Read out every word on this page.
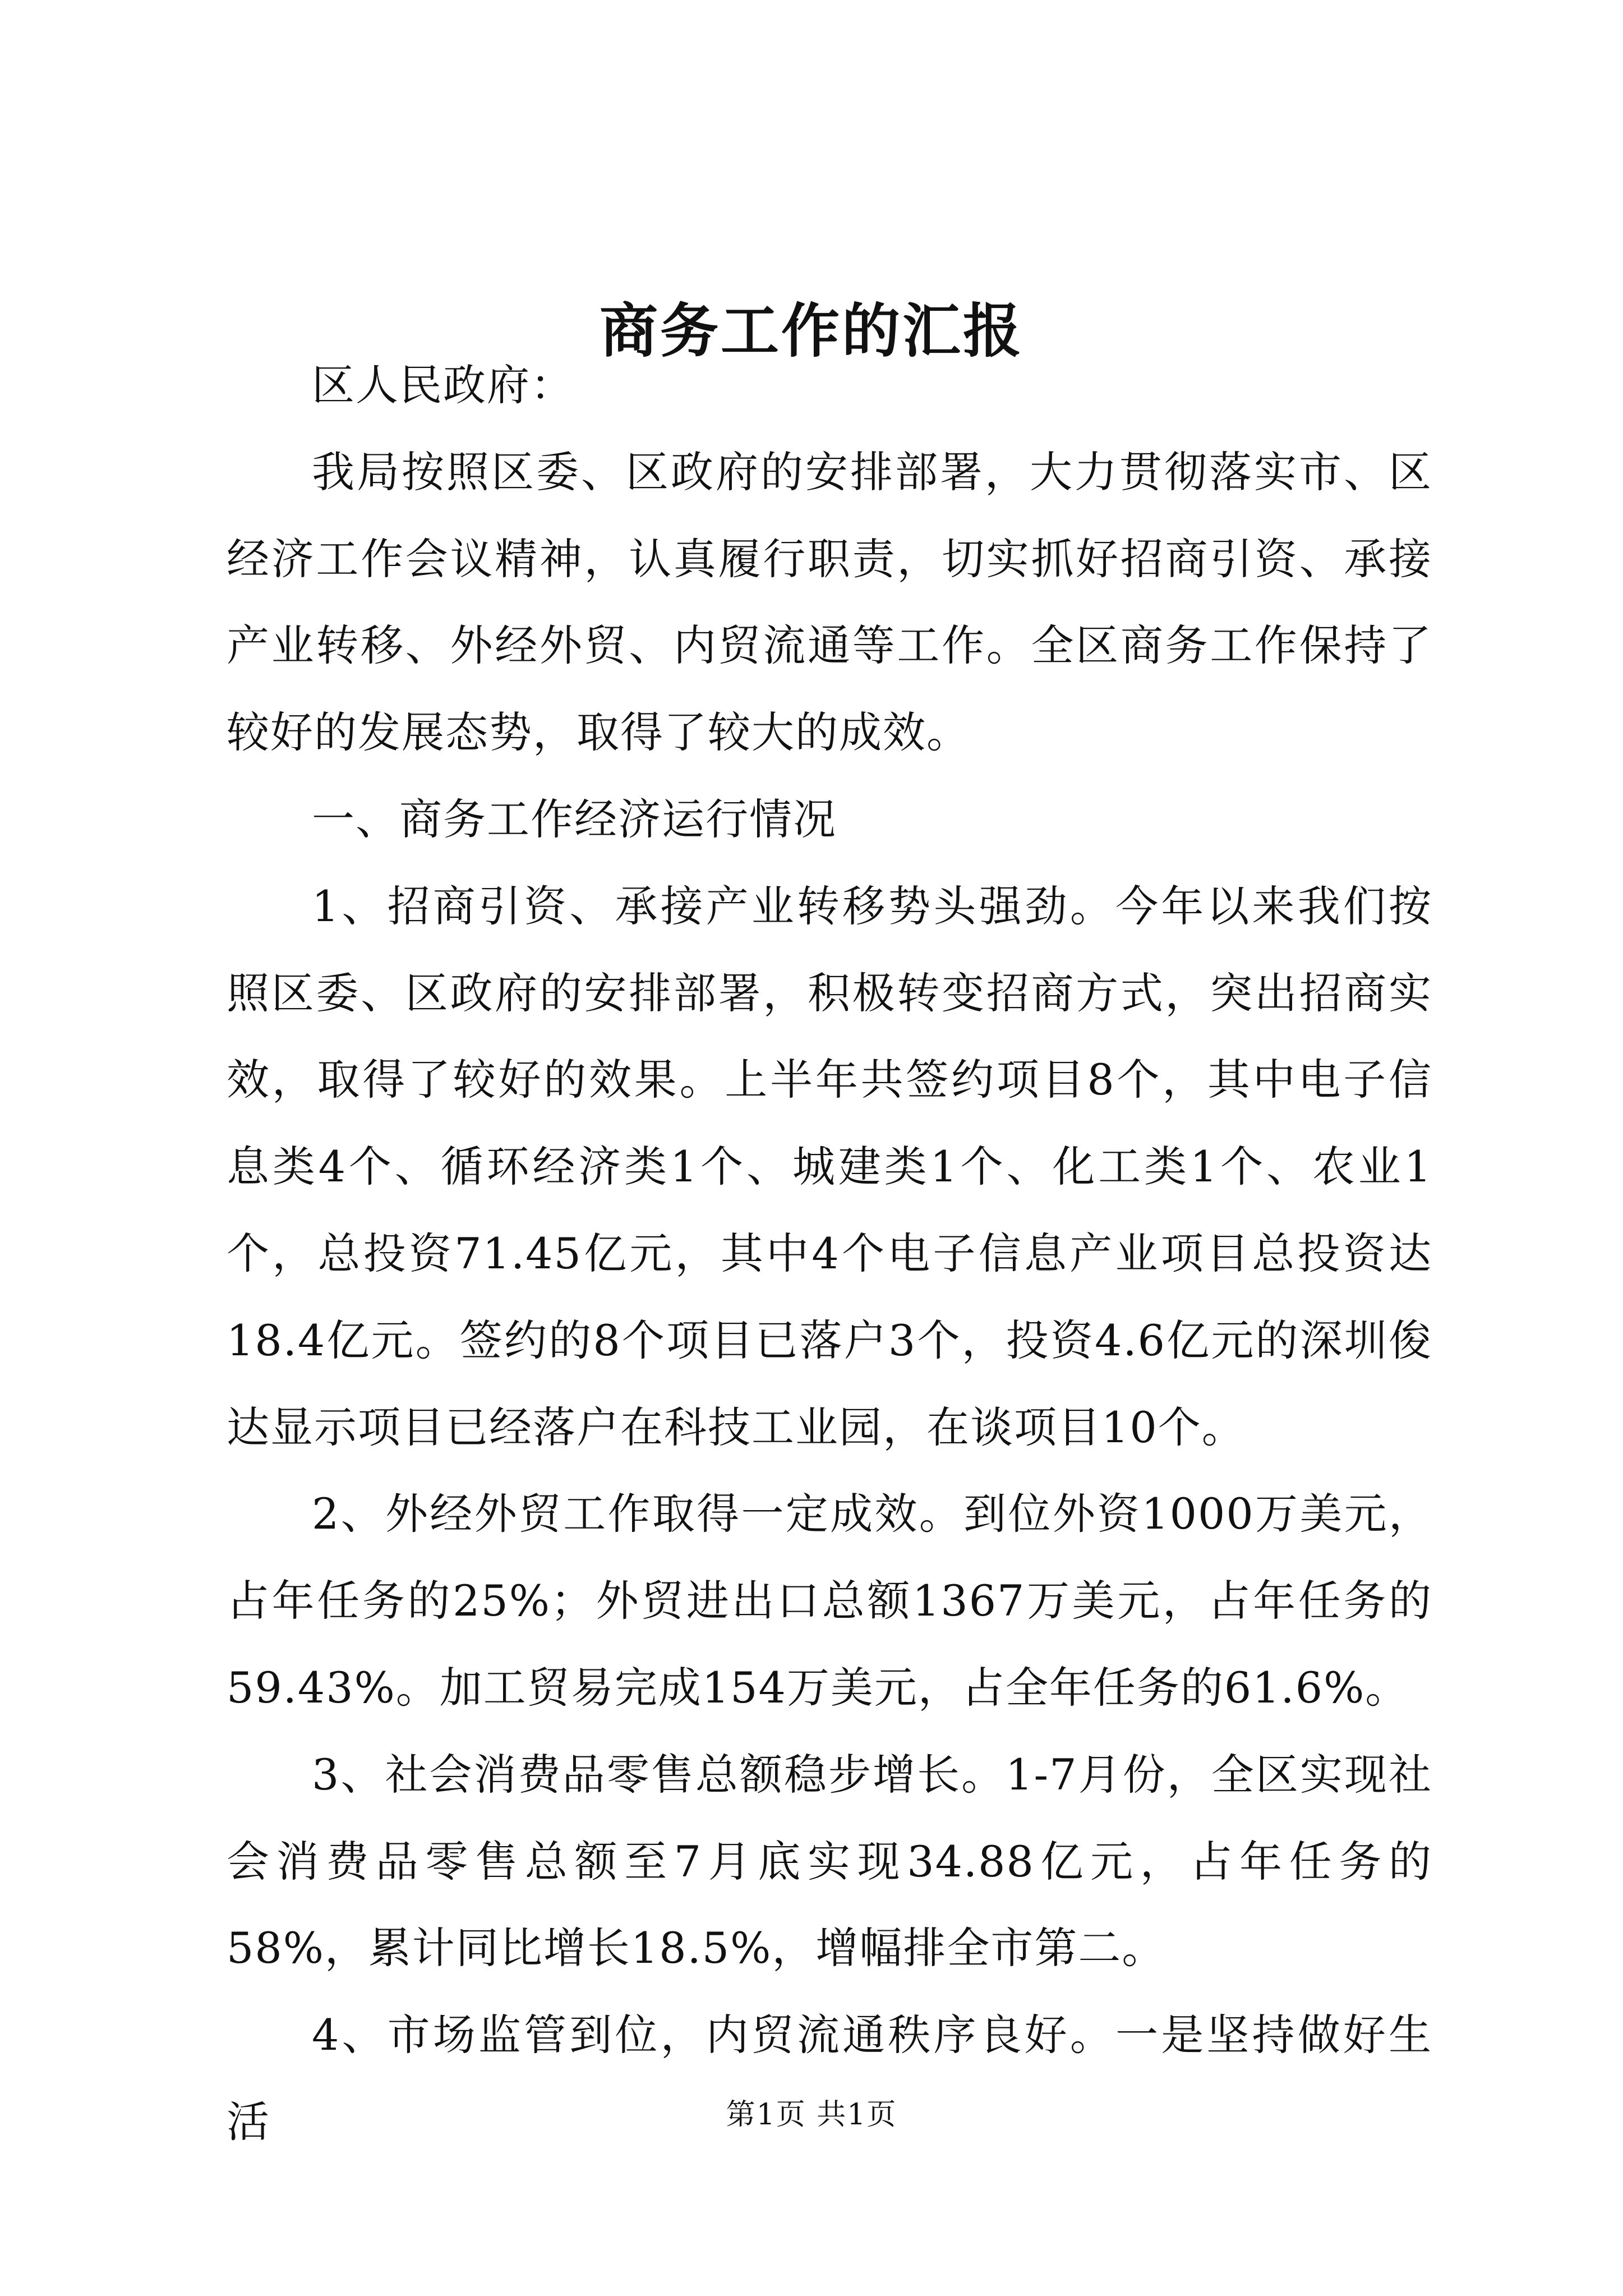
商务工作的汇报

区人民政府：

我局按照区委、区政府的安排部署，大力贯彻落实市、区经济工作会议精神，认真履行职责，切实抓好招商引资、承接产业转移、外经外贸、内贸流通等工作。全区商务工作保持了较好的发展态势，取得了较大的成效。

一、商务工作经济运行情况

1、招商引资、承接产业转移势头强劲。今年以来我们按照区委、区政府的安排部署，积极转变招商方式，突出招商实效，取得了较好的效果。上半年共签约项目8个，其中电子信息类4个、循环经济类1个、城建类1个、化工类1个、农业1个，总投资71.45亿元，其中4个电子信息产业项目总投资达18.4亿元。签约的8个项目已落户3个，投资4.6亿元的深圳俊达显示项目已经落户在科技工业园，在谈项目10个。

2、外经外贸工作取得一定成效。到位外资1000万美元，占年任务的25%；外贸进出口总额1367万美元，占年任务的59.43%。加工贸易完成154万美元，占全年任务的61.6%。

3、社会消费品零售总额稳步增长。1-7月份，全区实现社会消费品零售总额至7月底实现34.88亿元，占年任务的58%，累计同比增长18.5%，增幅排全市第二。

4、市场监管到位，内贸流通秩序良好。一是坚持做好生活	第1页 共1页
